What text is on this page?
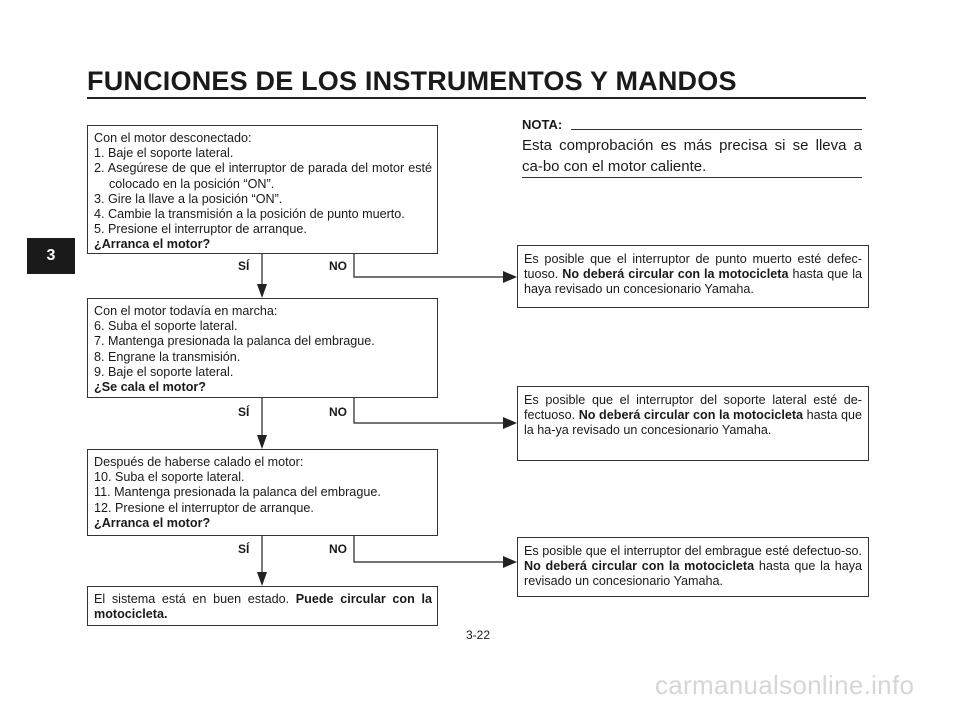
FUNCIONES DE LOS INSTRUMENTOS Y MANDOS
3
NOTA:
Esta comprobación es más precisa si se lleva a ca-bo con el motor caliente.
Con el motor desconectado:
1. Baje el soporte lateral.
2. Asegúrese de que el interruptor de parada del motor esté colocado en la posición “ON”.
3. Gire la llave a la posición “ON”.
4. Cambie la transmisión a la posición de punto muerto.
5. Presione el interruptor de arranque.
¿Arranca el motor?
SÍ	NO
Con el motor todavía en marcha:
6. Suba el soporte lateral.
7. Mantenga presionada la palanca del embrague.
8. Engrane la transmisión.
9. Baje el soporte lateral.
¿Se cala el motor?
SÍ	NO
Después de haberse calado el motor:
10. Suba el soporte lateral.
11. Mantenga presionada la palanca del embrague.
12. Presione el interruptor de arranque.
¿Arranca el motor?
SÍ	NO
El sistema está en buen estado. Puede circular con la motocicleta.
Es posible que el interruptor de punto muerto esté defec-tuoso. No deberá circular con la motocicleta hasta que la haya revisado un concesionario Yamaha.
Es posible que el interruptor del soporte lateral esté de-fectuoso. No deberá circular con la motocicleta hasta que la ha-ya revisado un concesionario Yamaha.
Es posible que el interruptor del embrague esté defectuo-so. No deberá circular con la motocicleta hasta que la haya revisado un concesionario Yamaha.
3-22
carmanualsonline.info
